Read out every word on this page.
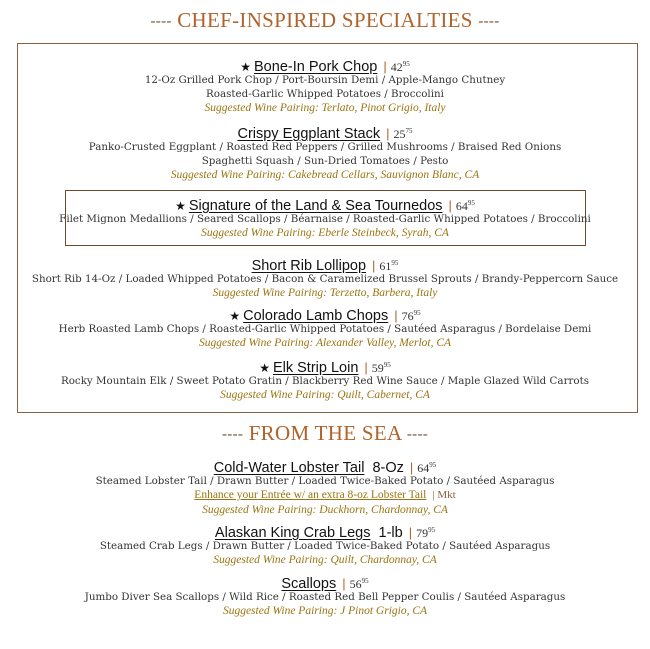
---- CHEF-INSPIRED SPECIALTIES ----
★ Bone-In Pork Chop | $42^{95}$
12-Oz Grilled Pork Chop / Port-Boursin Demi / Apple-Mango Chutney
Roasted-Garlic Whipped Potatoes / Broccolini
Suggested Wine Pairing: Terlato, Pinot Grigio, Italy
Crispy Eggplant Stack | $25^{75}$
Panko-Crusted Eggplant / Roasted Red Peppers / Grilled Mushrooms / Braised Red Onions
Spaghetti Squash / Sun-Dried Tomatoes / Pesto
Suggested Wine Pairing: Cakebread Cellars, Sauvignon Blanc, CA
★ Signature of the Land & Sea Tournedos | $64^{95}$
Filet Mignon Medallions / Seared Scallops / Béarnaise / Roasted-Garlic Whipped Potatoes / Broccolini
Suggested Wine Pairing: Eberle Steinbeck, Syrah, CA
Short Rib Lollipop | $61^{95}$
Short Rib 14-Oz / Loaded Whipped Potatoes / Bacon & Caramelized Brussel Sprouts / Brandy-Peppercorn Sauce
Suggested Wine Pairing: Terzetto, Barbera, Italy
★ Colorado Lamb Chops | $76^{95}$
Herb Roasted Lamb Chops / Roasted-Garlic Whipped Potatoes / Sautéed Asparagus / Bordelaise Demi
Suggested Wine Pairing: Alexander Valley, Merlot, CA
★ Elk Strip Loin | $59^{95}$
Rocky Mountain Elk / Sweet Potato Gratin / Blackberry Red Wine Sauce / Maple Glazed Wild Carrots
Suggested Wine Pairing: Quilt, Cabernet, CA
---- FROM THE SEA ----
Cold-Water Lobster Tail 8-Oz | $64^{95}$
Steamed Lobster Tail / Drawn Butter / Loaded Twice-Baked Potato / Sautéed Asparagus
Enhance your Entrée w/ an extra 8-oz Lobster Tail | Mkt
Suggested Wine Pairing: Duckhorn, Chardonnay, CA
Alaskan King Crab Legs 1-lb | $79^{95}$
Steamed Crab Legs / Drawn Butter / Loaded Twice-Baked Potato / Sautéed Asparagus
Suggested Wine Pairing: Quilt, Chardonnay, CA
Scallops | $56^{95}$
Jumbo Diver Sea Scallops / Wild Rice / Roasted Red Bell Pepper Coulis / Sautéed Asparagus
Suggested Wine Pairing: J Pinot Grigio, CA
